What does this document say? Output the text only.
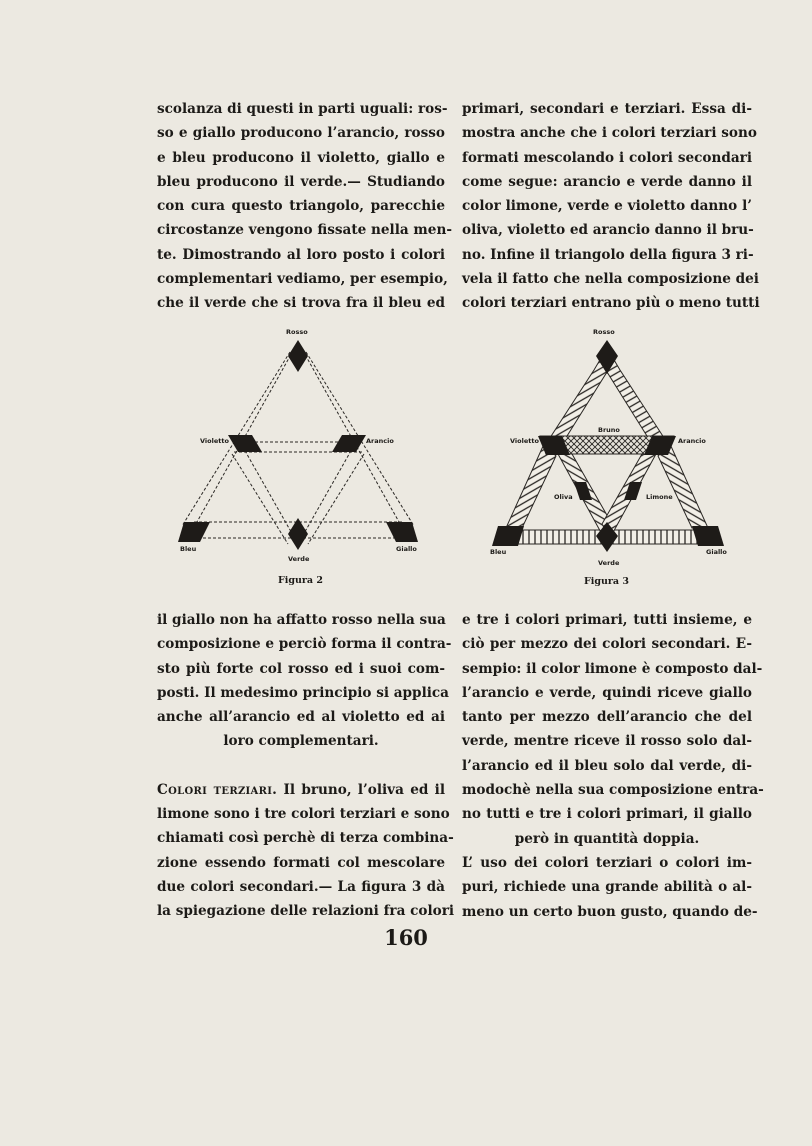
scolanza di questi in parti uguali: ros-
so e giallo producono l’arancio, rosso
e bleu producono il violetto, giallo e
bleu producono il verde.— Studiando
con cura questo triangolo, parecchie
circostanze vengono fissate nella men-
te. Dimostrando al loro posto i colori
complementari vediamo, per esempio,
che il verde che si trova fra il bleu ed
primari, secondari e terziari. Essa di-
mostra anche che i colori terziari sono
formati mescolando i colori secondari
come segue: arancio e verde danno il
color limone, verde e violetto danno l’
oliva, violetto ed arancio danno il bru-
no. Infine il triangolo della figura 3 ri-
vela il fatto che nella composizione dei
colori terziari entrano più o meno tutti
Rosso
Violetto	Arancio
Bleu
Verde
Giallo
Figura 2
Rosso
Violetto	Arancio
Bruno
Oliva	Limone
Bleu
Verde
Giallo
Figura 3
il giallo non ha affatto rosso nella sua
composizione e perciò forma il contra-
sto più forte col rosso ed i suoi com-
posti. Il medesimo principio si applica
anche all’arancio ed al violetto ed ai
loro complementari.
Colori terziari. Il bruno, l’oliva ed il
limone sono i tre colori terziari e sono
chiamati così perchè di terza combina-
zione essendo formati col mescolare
due colori secondari.— La figura 3 dà
la spiegazione delle relazioni fra colori
e tre i colori primari, tutti insieme, e
ciò per mezzo dei colori secondari. E-
sempio: il color limone è composto dal-
l’arancio e verde, quindi riceve giallo
tanto per mezzo dell’arancio che del
verde, mentre riceve il rosso solo dal-
l’arancio ed il bleu solo dal verde, di-
modochè nella sua composizione entra-
no tutti e tre i colori primari, il giallo
però in quantità doppia.
L’ uso dei colori terziari o colori im-
puri, richiede una grande abilità o al-
meno un certo buon gusto, quando de-
160
